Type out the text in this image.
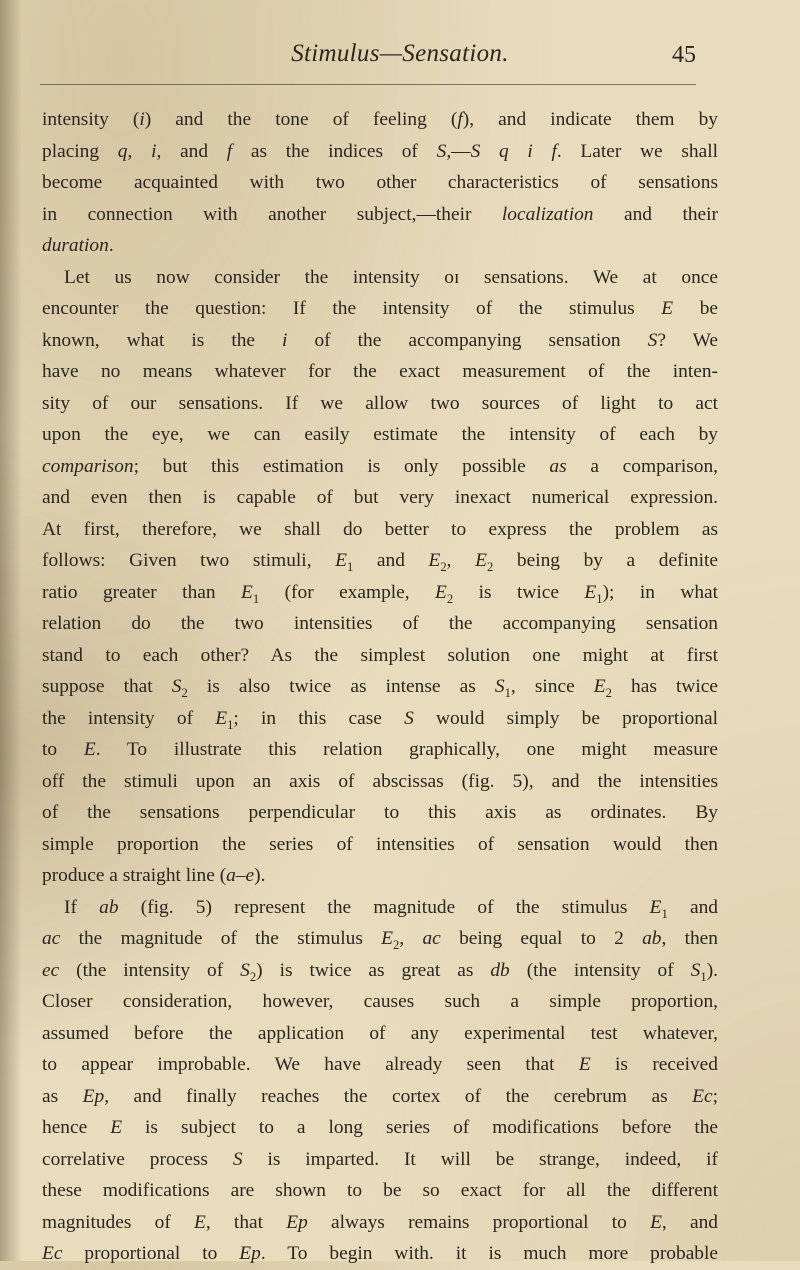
Stimulus—Sensation.	45
intensity (i) and the tone of feeling (f), and indicate them by
placing q, i, and f as the indices of S,—S q i f. Later we shall
become acquainted with two other characteristics of sensations
in connection with another subject,—their localization and their
duration.
Let us now consider the intensity oɪ sensations. We at once
encounter the question: If the intensity of the stimulus E be
known, what is the i of the accompanying sensation S? We
have no means whatever for the exact measurement of the inten-
sity of our sensations. If we allow two sources of light to act
upon the eye, we can easily estimate the intensity of each by
comparison; but this estimation is only possible as a comparison,
and even then is capable of but very inexact numerical expression.
At first, therefore, we shall do better to express the problem as
follows: Given two stimuli, $E_1$ and $E_2$, $E_2$ being by a definite
ratio greater than $E_1$ (for example, $E_2$ is twice $E_1$); in what
relation do the two intensities of the accompanying sensation
stand to each other? As the simplest solution one might at first
suppose that $S_2$ is also twice as intense as $S_1$, since $E_2$ has twice
the intensity of $E_1$; in this case S would simply be proportional
to E. To illustrate this relation graphically, one might measure
off the stimuli upon an axis of abscissas (fig. 5), and the intensities
of the sensations perpendicular to this axis as ordinates. By
simple proportion the series of intensities of sensation would then
produce a straight line (a–e).
If ab (fig. 5) represent the magnitude of the stimulus $E_1$ and
ac the magnitude of the stimulus $E_2$, ac being equal to 2 ab, then
ec (the intensity of $S_2$) is twice as great as db (the intensity of $S_1$).
Closer consideration, however, causes such a simple proportion,
assumed before the application of any experimental test whatever,
to appear improbable. We have already seen that E is received
as Ep, and finally reaches the cortex of the cerebrum as Ec;
hence E is subject to a long series of modifications before the
correlative process S is imparted. It will be strange, indeed, if
these modifications are shown to be so exact for all the different
magnitudes of E, that Ep always remains proportional to E, and
Ec proportional to Ep. To begin with. it is much more probable
